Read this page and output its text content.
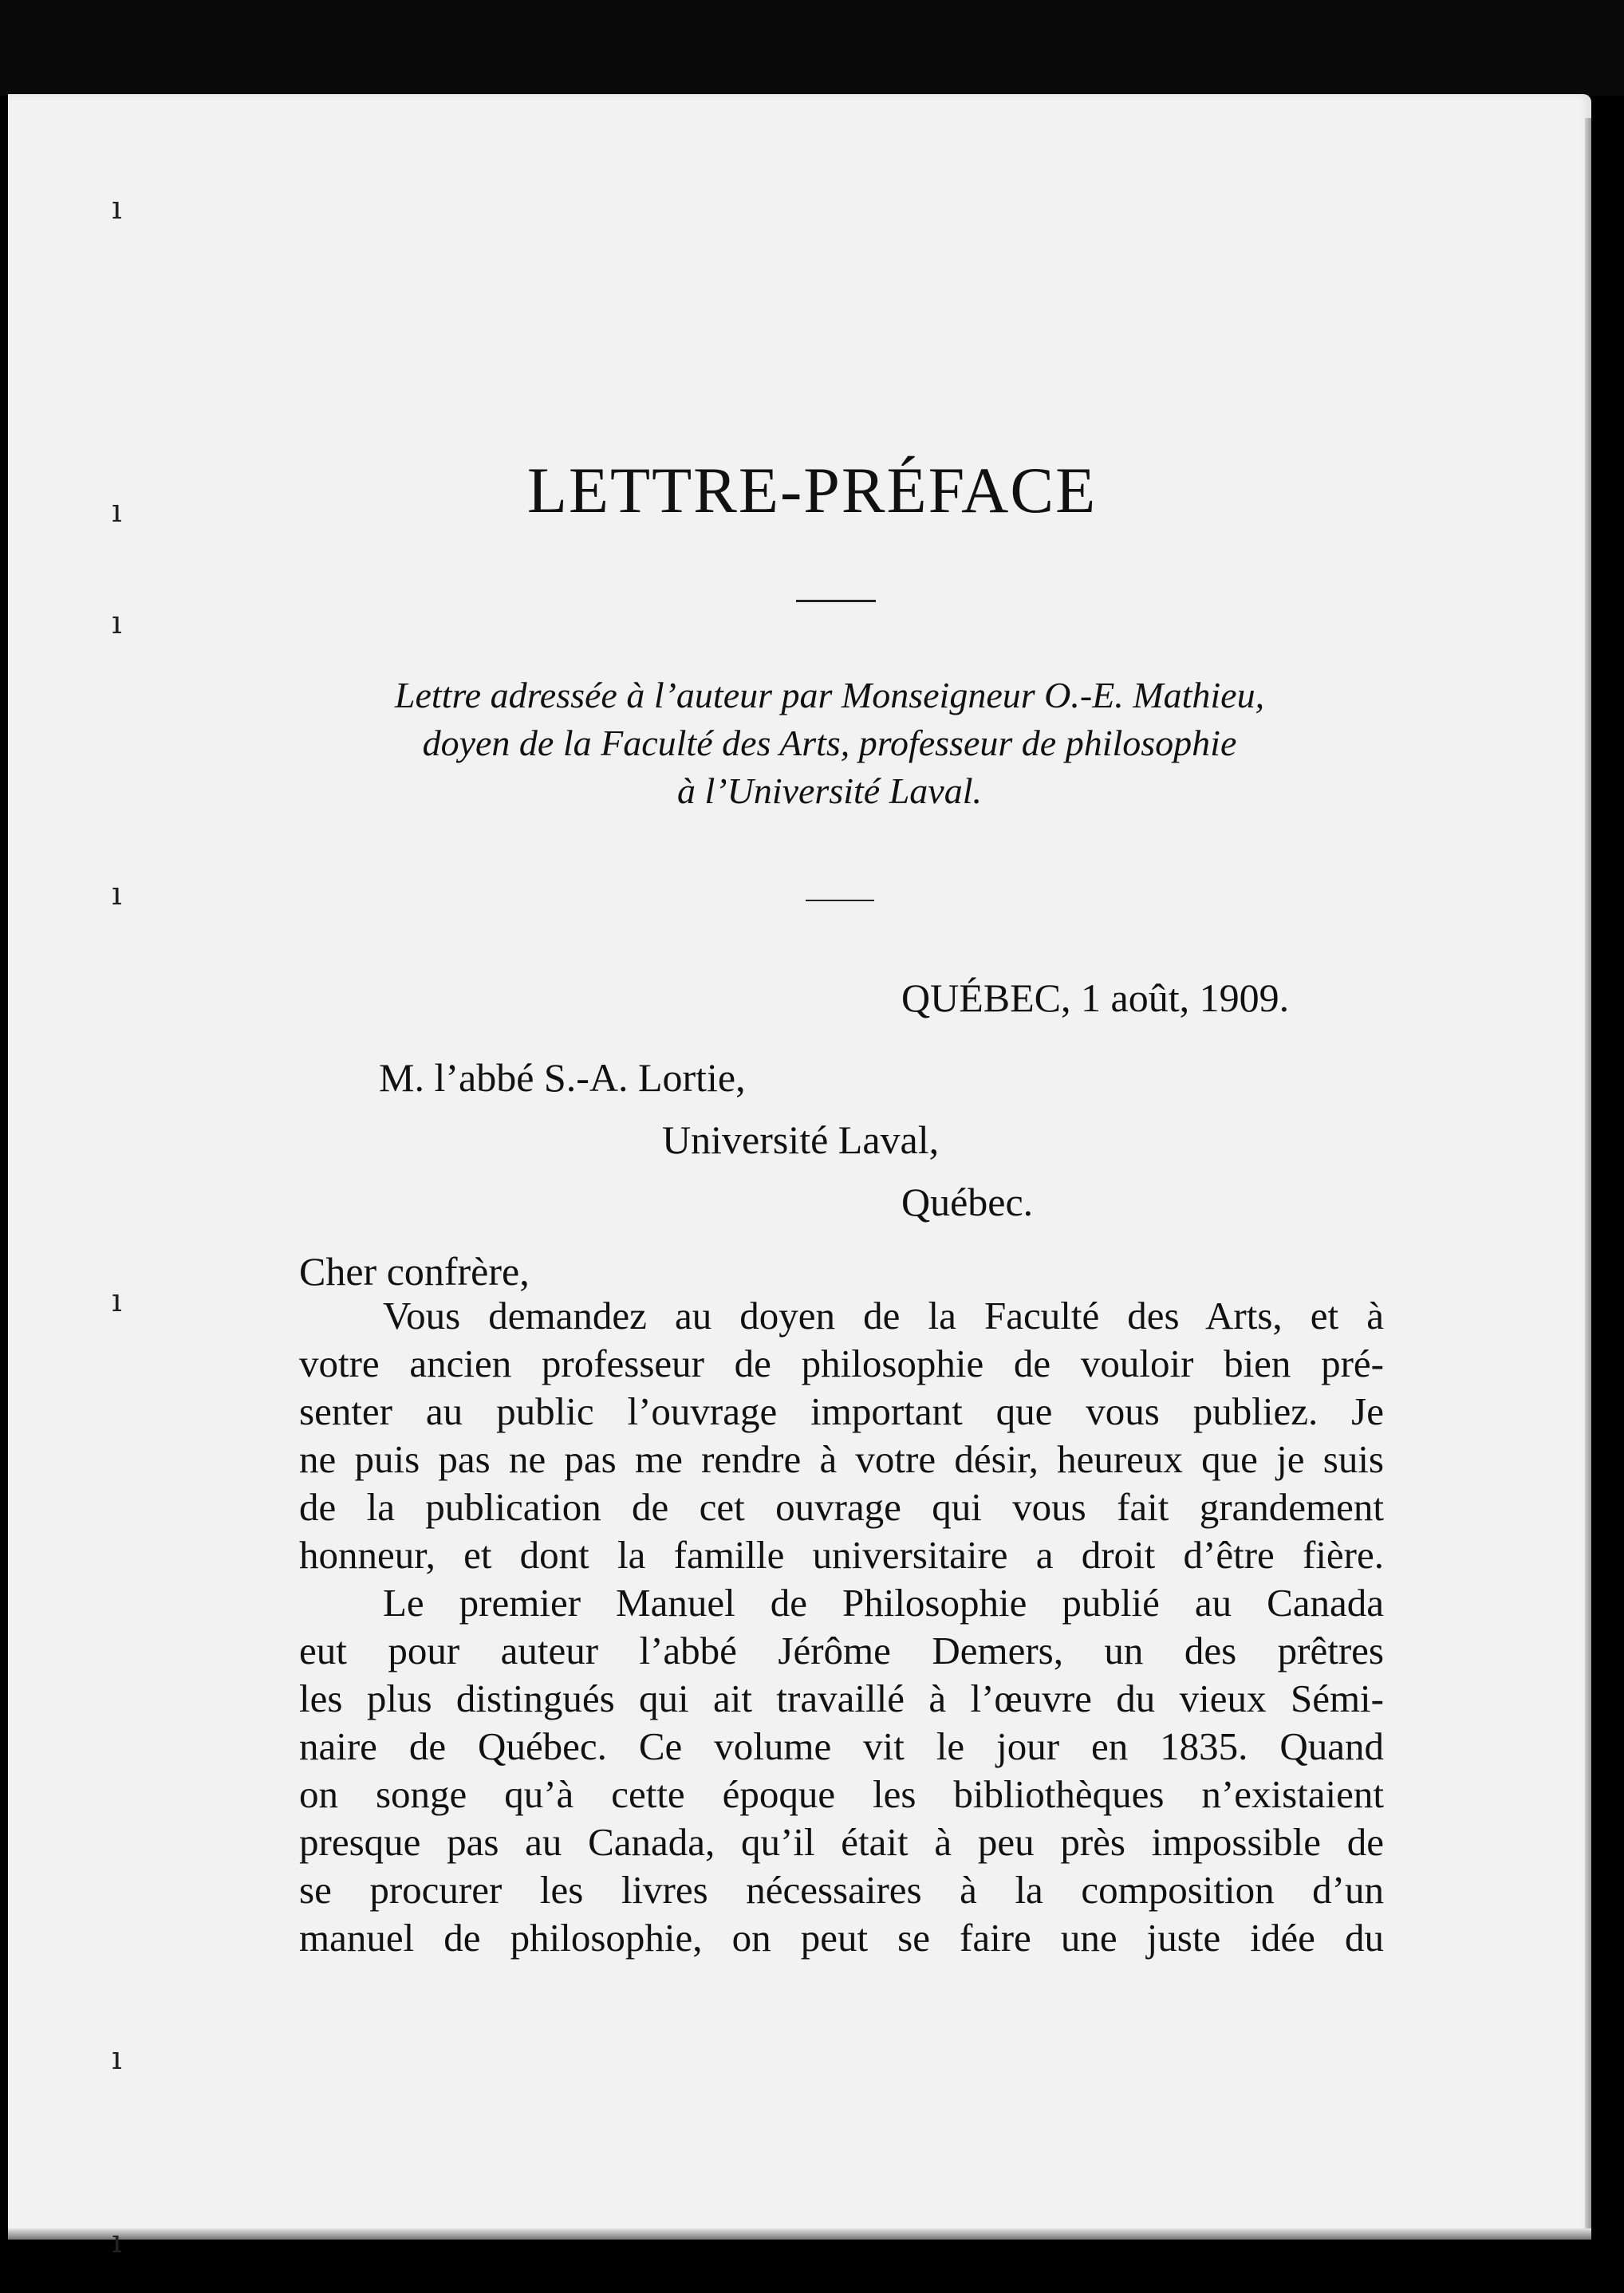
ı
ı
ı
ı
ı
ı
ı
LETTRE-PRÉFACE
Lettre adressée à l’auteur par Monseigneur O.-E. Mathieu,
doyen de la Faculté des Arts, professeur de philosophie
à l’Université Laval.
QUÉBEC, 1 août, 1909.
M. l’abbé S.-A. Lortie,
Université Laval,
Québec.
Cher confrère,
Vous demandez au doyen de la Faculté des Arts, et à
votre ancien professeur de philosophie de vouloir bien pré-
senter au public l’ouvrage important que vous publiez. Je
ne puis pas ne pas me rendre à votre désir, heureux que je suis
de la publication de cet ouvrage qui vous fait grandement
honneur, et dont la famille universitaire a droit d’être fière.
Le premier Manuel de Philosophie publié au Canada
eut pour auteur l’abbé Jérôme Demers, un des prêtres
les plus distingués qui ait travaillé à l’œuvre du vieux Sémi-
naire de Québec. Ce volume vit le jour en 1835. Quand
on songe qu’à cette époque les bibliothèques n’existaient
presque pas au Canada, qu’il était à peu près impossible de
se procurer les livres nécessaires à la composition d’un
manuel de philosophie, on peut se faire une juste idée du
